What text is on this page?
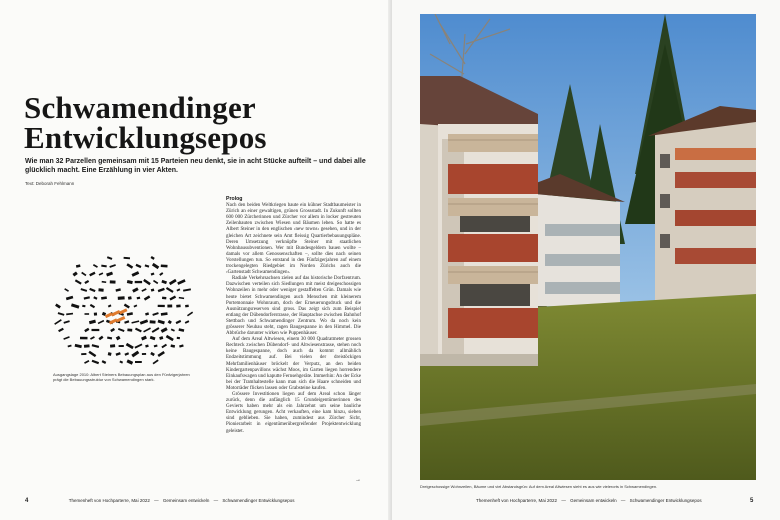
Schwamendinger
Entwicklungsepos

Wie man 32 Parzellen gemeinsam mit 15 Parteien neu denkt, sie in acht Stücke aufteilt – und dabei alle glücklich macht. Eine Erzählung in vier Akten.

Text: Deborah Fehlmann

Ausgangslage 2010: Albert Steiners Bebauungsplan aus den Fünfzigerjahren prägt die Bebauungsstruktur von Schwamendingen stark.

Prolog

Nach den beiden Weltkriegen baute ein kühner Stadtbaumeister in Zürich an einer gewaltigen, grünen Grossstadt. In Zukunft sollten 600 000 Zürcherinnen und Zürcher vor allem in locker gestreuten Zeilenbauten zwischen Wiesen und Bäumen leben. So hatte es Albert Steiner in den englischen ‹new towns› gesehen, und in der gleichen Art zeichnete sein Amt fleissig Quartierbebauungspläne. Deren Umsetzung verknüpfte Steiner mit staatlichen Wohnbausubventionen. Wer mit Bundesgeldern bauen wollte – damals vor allem Genossenschaften –, sollte dies nach seinen Vorstellungen tun. So entstand in den Fünfzigerjahren auf einem trockengelegten Riedgebiet im Norden Zürichs auch die ‹Gartenstadt Schwamendingen›.

Radiale Verkehrsachsen zielen auf das historische Dorfzentrum. Dazwischen verteilen sich Siedlungen mit meist dreigeschossigen Wohnzeilen in mehr oder weniger gestaffelten Grün. Damals wie heute bietet Schwamendingen auch Menschen mit kleinerem Portemonnaie Wohnraum, doch der Erneuerungsdruck und die Ausnützungsreserven sind gross. Das zeigt sich zum Beispiel entlang der Dübendorferstrasse, der Hauptachse zwischen Bahnhof Stettbach und Schwamendinger Zentrum. Wo da noch kein grösserer Neubau steht, ragen Baugespanne in den Himmel. Die Abbrüche darunter wirken wie Puppenhäuser.

Auf dem Areal Altwiesen, einem 30 000 Quadratmeter grossen Rechteck zwischen Dübendorf- und Altwiesenstrasse, stehen noch keine Baugespanne, doch auch da kommt allmählich Endzeitstimmung auf. Bei vielen der dreistöckigen Mehrfamilienhäuser bröckelt der Verputz, an den beiden Kindergartenpavillons wächst Moos, im Garten liegen horrendere Einkaufswagen und kaputte Fernsehgeräte. Immerhin: An der Ecke bei der Tramhaltestelle kann man sich die Haare schneiden und Motorräder flicken lassen oder Grabsteine kaufen.

Grössere Investitionen liegen auf dem Areal schon länger zurück, denn die anfänglich 15 Grundeigentümerinnen des Gevierts haben mehr als ein Jahrzehnt um seine bauliche Entwicklung gerungen. Acht verkauften, eine kam hinzu, sieben sind geblieben. Sie haben, zumindest aus Zürcher Sicht, Pionierarbeit in eigentümerübergreifender Projektentwicklung geleistet.

→
4	Themenheft von Hochparterre, Mai 2022 — Gemeinsam entwickeln — Schwamendinger Entwicklungsepos

Dreigeschossige Wohnzeilen, Bäume und viel Abstandsgrün: Auf dem Areal Altwiesen sieht es aus wie vielerorts in Schwamendingen.

Themenheft von Hochparterre, Mai 2022 — Gemeinsam entwickeln — Schwamendinger Entwicklungsepos	5
